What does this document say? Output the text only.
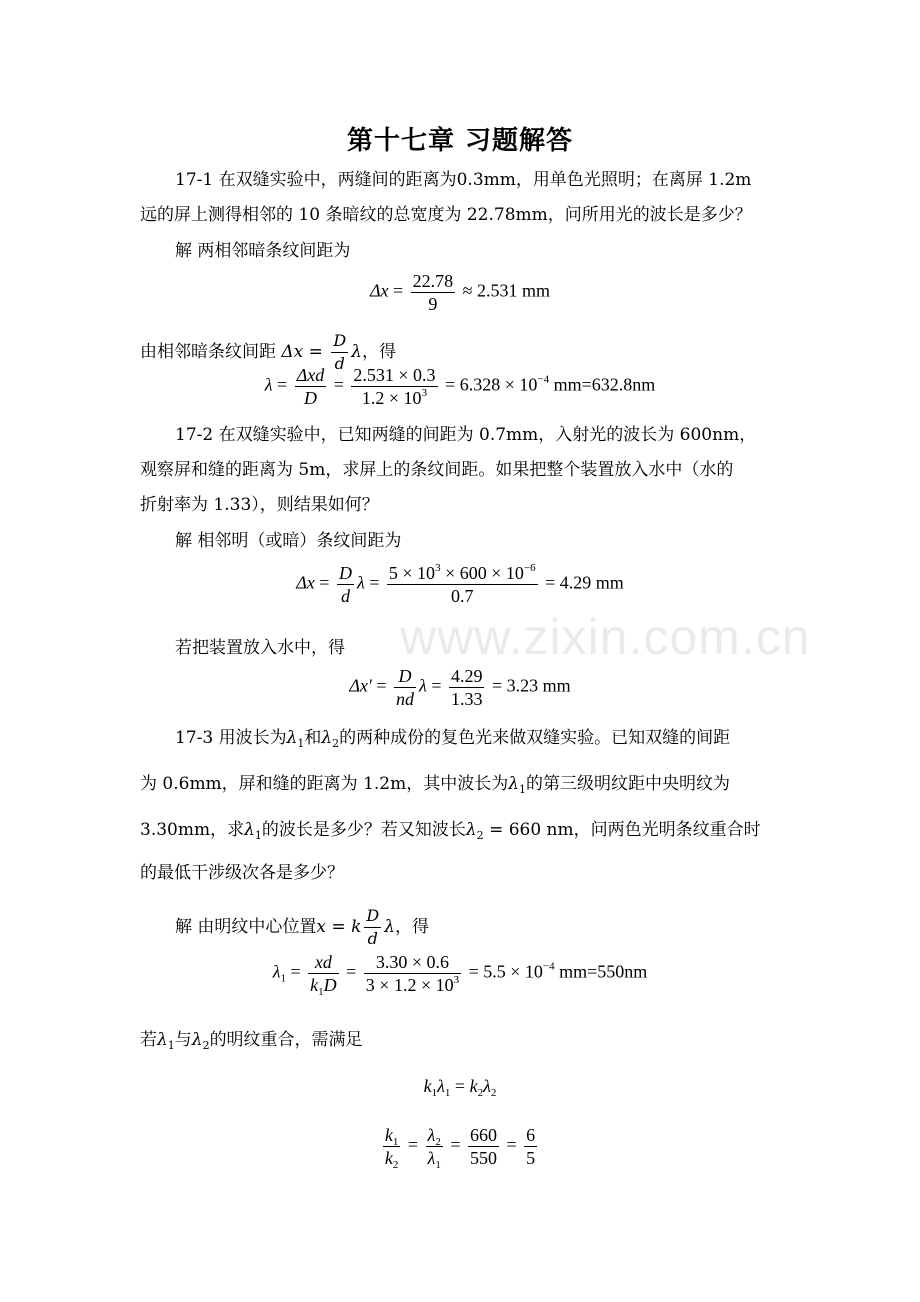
第十七章 习题解答
17-1 在双缝实验中，两缝间的距离为0.3mm，用单色光照明；在离屏 1.2m
远的屏上测得相邻的 10 条暗纹的总宽度为 22.78mm，问所用光的波长是多少？
解 两相邻暗条纹间距为
$\Delta x = \frac{22.78}{9} \approx 2.531$ mm
由相邻暗条纹间距 $\Delta x = \frac{D}{d}$ λ，得
λ = Δxd
D
= $\frac{2.531 \times 0.3}{1.2 \times 10^3} = 6.328 \times 10^{-4}$ mm=632.8nm
17-2 在双缝实验中，已知两缝的间距为 0.7mm，入射光的波长为 600nm，
观察屏和缝的距离为 5m，求屏上的条纹间距。如果把整个装置放入水中（水的
折射率为 1.33），则结果如何？
解 相邻明（或暗）条纹间距为
$\Delta x = \frac{D}{d}$ $\lambda = \frac{5 \times 10^3 \times 600 \times 10^{-6}}{0.7} = 4.29$ mm
若把装置放入水中，得
$\Delta x' = \frac{D}{nd}$ $\lambda = \frac{4.29}{1.33} = 3.23$ mm
17-3 用波长为$\lambda_1$和$\lambda_2$的两种成份的复色光来做双缝实验。已知双缝的间距
为 0.6mm，屏和缝的距离为 1.2m，其中波长为$\lambda_1$的第三级明纹距中央明纹为
3.30mm，求$\lambda_1$的波长是多少？若又知波长$\lambda_2 = 660$ nm，问两色光明条纹重合时
的最低干涉级次各是多少？
解 由明纹中心位置x = k $\frac{D}{d}$ λ，得
$\lambda_1 = \frac{xd}{k_1D} = \frac{3.30 \times 0.6}{3 \times 1.2 \times 10^3} = 5.5 \times 10^{-4}$ mm=550nm
若$\lambda_1$与$\lambda_2$的明纹重合，需满足
$k_1\lambda_1 = k_2\lambda_2$
$\frac{k_1}{k_2} = \frac{\lambda_2}{\lambda_1} = \frac{660}{550} = \frac{6}{5}$
www.zixin.com.cn
